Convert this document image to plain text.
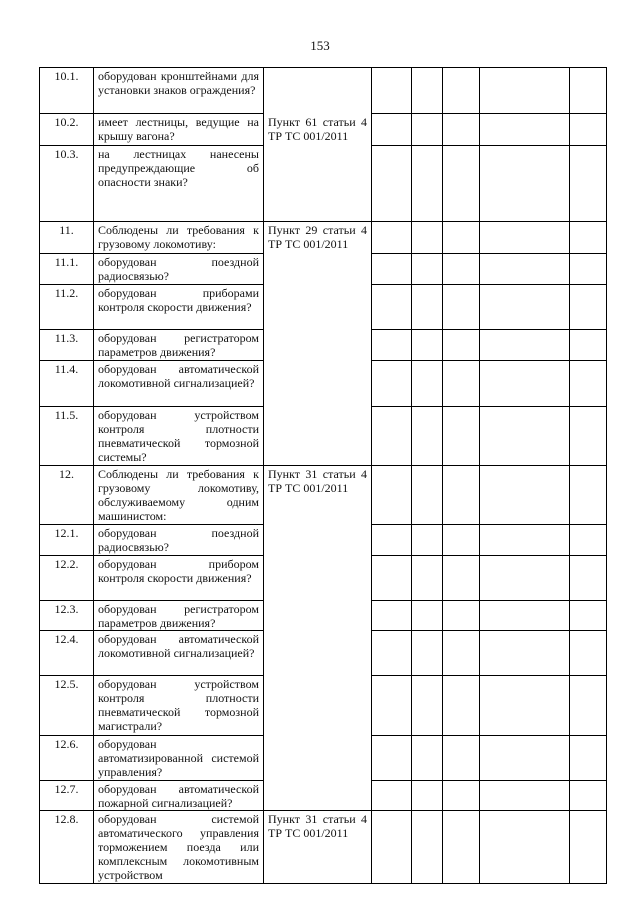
153
10.1.	оборудован кронштейнами для установки знаков ограждения?						
10.2.	имеет лестницы, ведущие на крышу вагона?	Пункт 61 статьи 4 ТР ТС 001/2011					
10.3.	на лестницах нанесены предупреждающие об опасности знаки?						
11.	Соблюдены ли требования к грузовому локомотиву:	Пункт 29 статьи 4 ТР ТС 001/2011					
11.1.	оборудован поездной радиосвязью?						
11.2.	оборудован приборами контроля скорости движения?						
11.3.	оборудован регистратором параметров движения?						
11.4.	оборудован автоматической локомотивной сигнализацией?						
11.5.	оборудован устройством контроля плотности пневматической тормозной системы?						
12.	Соблюдены ли требования к грузовому локомотиву, обслуживаемому одним машинистом:	Пункт 31 статьи 4 ТР ТС 001/2011					
12.1.	оборудован поездной радиосвязью?						
12.2.	оборудован прибором контроля скорости движения?						
12.3.	оборудован регистратором параметров движения?						
12.4.	оборудован автоматической локомотивной сигнализацией?						
12.5.	оборудован устройством контроля плотности пневматической тормозной магистрали?						
12.6.	оборудован автоматизированной системой управления?						
12.7.	оборудован автоматической пожарной сигнализацией?						
12.8.	оборудован системой автоматического управления торможением поезда или комплексным локомотивным устройством	Пункт 31 статьи 4 ТР ТС 001/2011					
